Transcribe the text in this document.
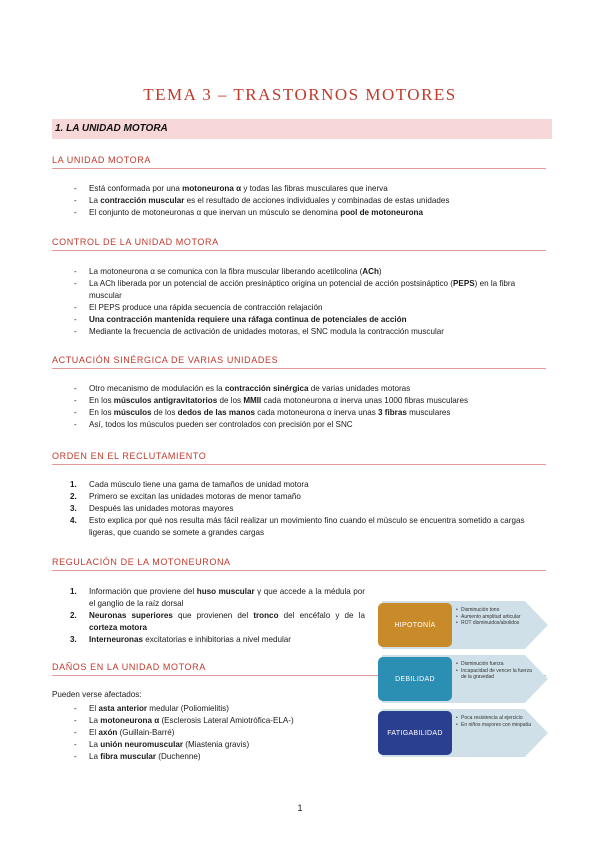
TEMA 3 – TRASTORNOS MOTORES
1. LA UNIDAD MOTORA
LA UNIDAD MOTORA
- Está conformada por una motoneurona α y todas las fibras musculares que inerva
- La contracción muscular es el resultado de acciones individuales y combinadas de estas unidades
- El conjunto de motoneuronas α que inervan un músculo se denomina pool de motoneurona
CONTROL DE LA UNIDAD MOTORA
- La motoneurona α se comunica con la fibra muscular liberando acetilcolina (ACh)
- La ACh liberada por un potencial de acción presináptico origina un potencial de acción postsináptico (PEPS) en la fibra muscular
- El PEPS produce una rápida secuencia de contracción relajación
- Una contracción mantenida requiere una ráfaga continua de potenciales de acción
- Mediante la frecuencia de activación de unidades motoras, el SNC modula la contracción muscular
ACTUACIÓN SINÉRGICA DE VARIAS UNIDADES
- Otro mecanismo de modulación es la contracción sinérgica de varias unidades motoras
- En los músculos antigravitatorios de los MMII cada motoneurona α inerva unas 1000 fibras musculares
- En los músculos de los dedos de las manos cada motoneurona α inerva unas 3 fibras musculares
- Así, todos los músculos pueden ser controlados con precisión por el SNC
ORDEN EN EL RECLUTAMIENTO
1. Cada músculo tiene una gama de tamaños de unidad motora
2. Primero se excitan las unidades motoras de menor tamaño
3. Después las unidades motoras mayores
4. Esto explica por qué nos resulta más fácil realizar un movimiento fino cuando el músculo se encuentra sometido a cargas ligeras, que cuando se somete a grandes cargas
REGULACIÓN DE LA MOTONEURONA
1. Información que proviene del huso muscular γ que accede a la médula por el ganglio de la raíz dorsal
2. Neuronas superiores que provienen del tronco del encéfalo y de la corteza motora
3. Interneuronas excitatorias e inhibitorias a nivel medular
DAÑOS EN LA UNIDAD MOTORA
Pueden verse afectados:
- El asta anterior medular (Poliomielitis)
- La motoneurona α (Esclerosis Lateral Amiotrófica-ELA-)
- El axón (Guillain-Barré)
- La unión neuromuscular (Miastenia gravis)
- La fibra muscular (Duchenne)
HIPOTONÍA
• Disminución tono
• Aumento amplitud articular
• ROT disminuidos/abolidos
DEBILIDAD
• Disminución fuerza
• Incapacidad de vencer la fuerza de la gravedad
FATIGABILIDAD
• Poca resistencia al ejercicio
• En niños mayores con miopatía
1
